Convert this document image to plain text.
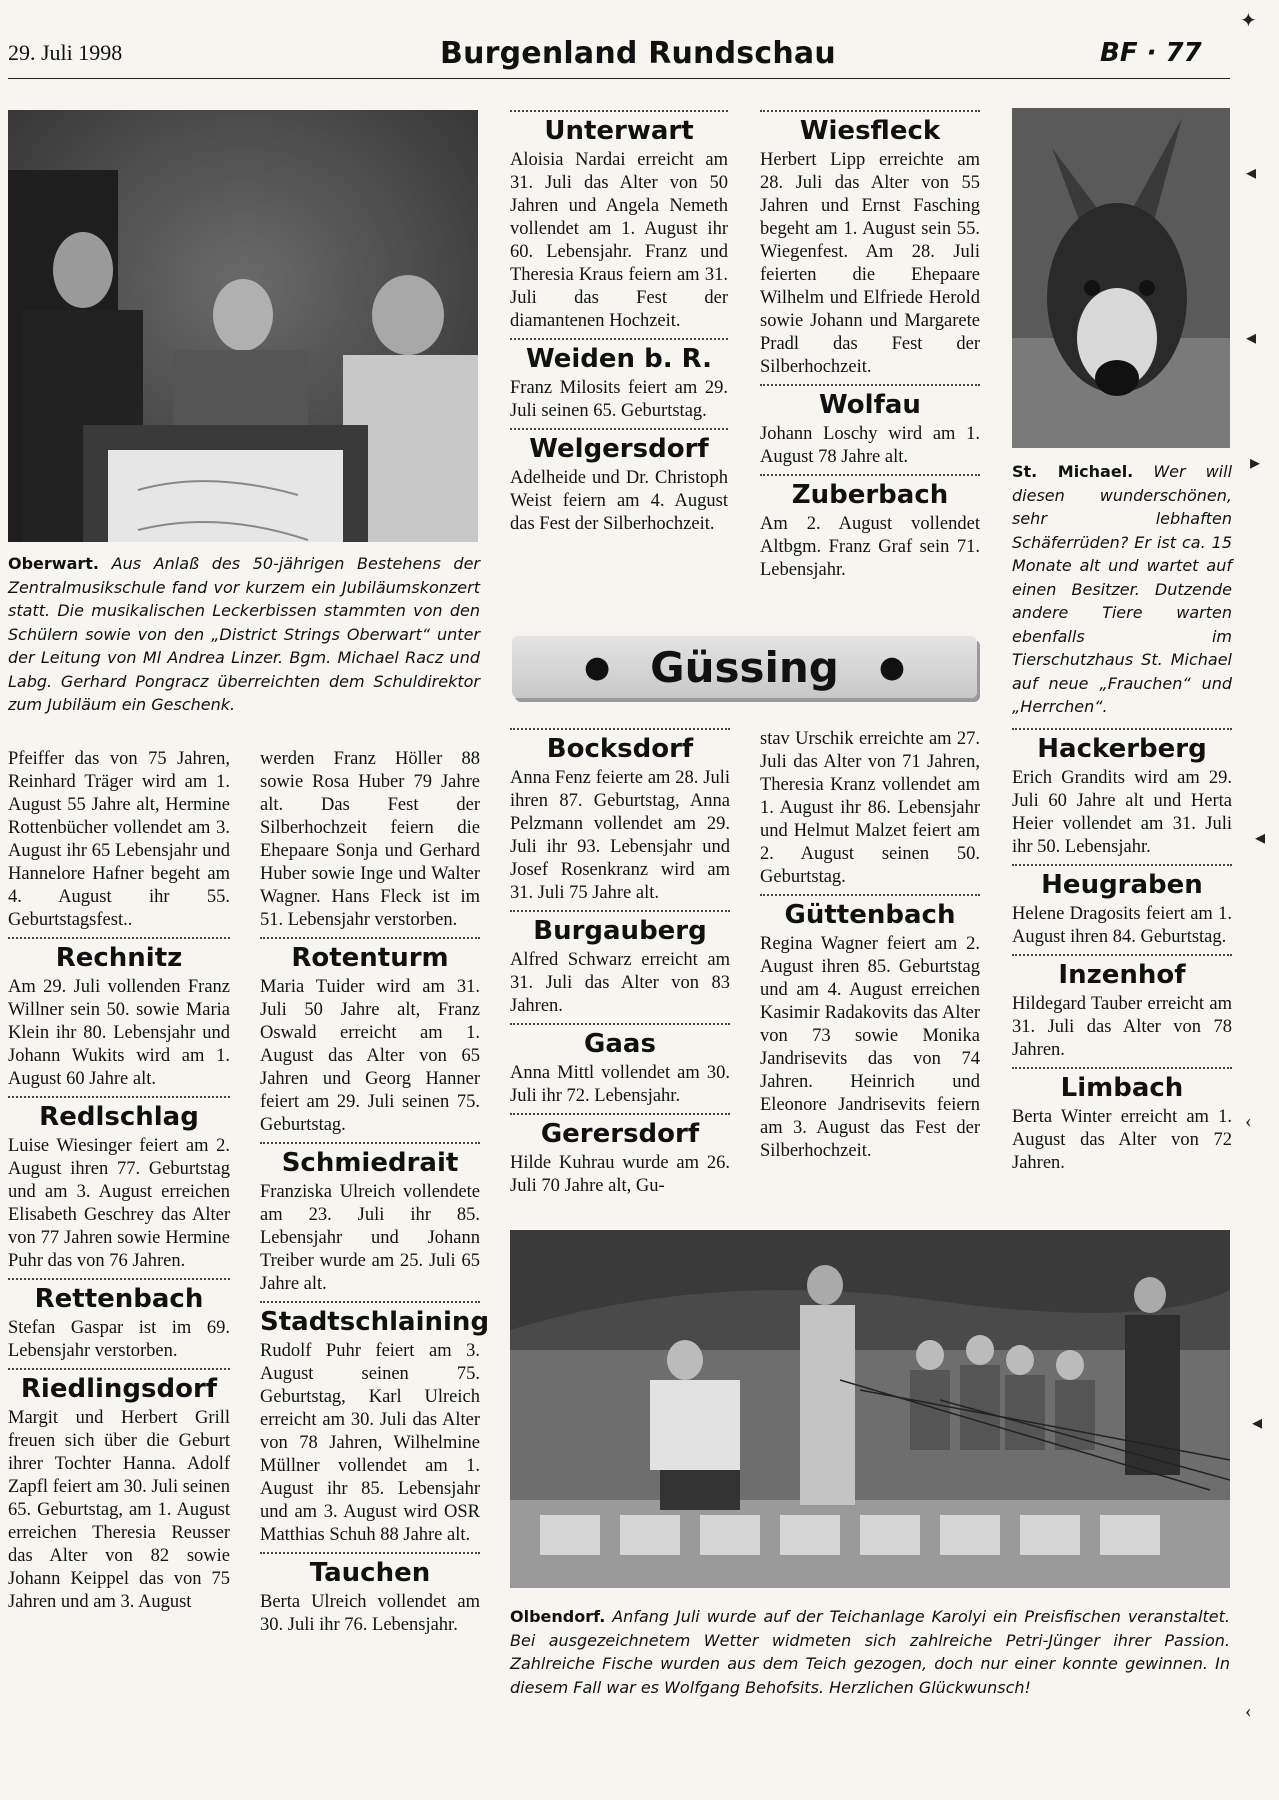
29. Juli 1998	Burgenland Rundschau	BF · 77
Oberwart. Aus Anlaß des 50-jährigen Bestehens der Zentralmusikschule fand vor kurzem ein Jubiläumskonzert statt. Die musikalischen Leckerbissen stammten von den Schülern sowie von den „District Strings Oberwart“ unter der Leitung von Ml Andrea Linzer. Bgm. Michael Racz und Labg. Gerhard Pongracz überreichten dem Schuldirektor zum Jubiläum ein Geschenk.
St. Michael. Wer will diesen wunderschönen, sehr lebhaften Schäferrüden? Er ist ca. 15 Monate alt und wartet auf einen Besitzer. Dutzende andere Tiere warten ebenfalls im Tierschutzhaus St. Michael auf neue „Frauchen“ und „Herrchen“.
Unterwart

Aloisia Nardai erreicht am 31. Juli das Alter von 50 Jahren und Angela Nemeth vollendet am 1. August ihr 60. Lebensjahr. Franz und Theresia Kraus feiern am 31. Juli das Fest der diamantenen Hochzeit.

Weiden b. R.

Franz Milosits feiert am 29. Juli seinen 65. Geburtstag.

Welgersdorf

Adelheide und Dr. Christoph Weist feiern am 4. August das Fest der Silberhochzeit.

Wiesfleck

Herbert Lipp erreichte am 28. Juli das Alter von 55 Jahren und Ernst Fasching begeht am 1. August sein 55. Wiegenfest. Am 28. Juli feierten die Ehepaare Wilhelm und Elfriede Herold sowie Johann und Margarete Pradl das Fest der Silberhochzeit.

Wolfau

Johann Loschy wird am 1. August 78 Jahre alt.

Zuberbach

Am 2. August vollendet Altbgm. Franz Graf sein 71. Lebensjahr.

● Güssing ●

Pfeiffer das von 75 Jahren, Reinhard Träger wird am 1. August 55 Jahre alt, Hermine Rottenbücher vollendet am 3. August ihr 65 Lebensjahr und Hannelore Hafner begeht am 4. August ihr 55. Geburtstagsfest..

Rechnitz

Am 29. Juli vollenden Franz Willner sein 50. sowie Maria Klein ihr 80. Lebensjahr und Johann Wukits wird am 1. August 60 Jahre alt.

Redlschlag

Luise Wiesinger feiert am 2. August ihren 77. Geburtstag und am 3. August erreichen Elisabeth Geschrey das Alter von 77 Jahren sowie Hermine Puhr das von 76 Jahren.

Rettenbach

Stefan Gaspar ist im 69. Lebensjahr verstorben.

Riedlingsdorf

Margit und Herbert Grill freuen sich über die Geburt ihrer Tochter Hanna. Adolf Zapfl feiert am 30. Juli seinen 65. Geburtstag, am 1. August erreichen Theresia Reusser das Alter von 82 sowie Johann Keippel das von 75 Jahren und am 3. August

werden Franz Höller 88 sowie Rosa Huber 79 Jahre alt. Das Fest der Silberhochzeit feiern die Ehepaare Sonja und Gerhard Huber sowie Inge und Walter Wagner. Hans Fleck ist im 51. Lebensjahr verstorben.

Rotenturm

Maria Tuider wird am 31. Juli 50 Jahre alt, Franz Oswald erreicht am 1. August das Alter von 65 Jahren und Georg Hanner feiert am 29. Juli seinen 75. Geburtstag.

Schmiedrait

Franziska Ulreich vollendete am 23. Juli ihr 85. Lebensjahr und Johann Treiber wurde am 25. Juli 65 Jahre alt.

Stadtschlaining

Rudolf Puhr feiert am 3. August seinen 75. Geburtstag, Karl Ulreich erreicht am 30. Juli das Alter von 78 Jahren, Wilhelmine Müllner vollendet am 1. August ihr 85. Lebensjahr und am 3. August wird OSR Matthias Schuh 88 Jahre alt.

Tauchen

Berta Ulreich vollendet am 30. Juli ihr 76. Lebensjahr.

Bocksdorf

Anna Fenz feierte am 28. Juli ihren 87. Geburtstag, Anna Pelzmann vollendet am 29. Juli ihr 93. Lebensjahr und Josef Rosenkranz wird am 31. Juli 75 Jahre alt.

Burgauberg

Alfred Schwarz erreicht am 31. Juli das Alter von 83 Jahren.

Gaas

Anna Mittl vollendet am 30. Juli ihr 72. Lebensjahr.

Gerersdorf

Hilde Kuhrau wurde am 26. Juli 70 Jahre alt, Gu-

stav Urschik erreichte am 27. Juli das Alter von 71 Jahren, Theresia Kranz vollendet am 1. August ihr 86. Lebensjahr und Helmut Malzet feiert am 2. August seinen 50. Geburtstag.

Güttenbach

Regina Wagner feiert am 2. August ihren 85. Geburtstag und am 4. August erreichen Kasimir Radakovits das Alter von 73 sowie Monika Jandrisevits das von 74 Jahren. Heinrich und Eleonore Jandrisevits feiern am 3. August das Fest der Silberhochzeit.

Hackerberg

Erich Grandits wird am 29. Juli 60 Jahre alt und Herta Heier vollendet am 31. Juli ihr 50. Lebensjahr.

Heugraben

Helene Dragosits feiert am 1. August ihren 84. Geburtstag.

Inzenhof

Hildegard Tauber erreicht am 31. Juli das Alter von 78 Jahren.

Limbach

Berta Winter erreicht am 1. August das Alter von 72 Jahren.

Olbendorf. Anfang Juli wurde auf der Teichanlage Karolyi ein Preisfischen veranstaltet. Bei ausgezeichnetem Wetter widmeten sich zahlreiche Petri-Jünger ihrer Passion. Zahlreiche Fische wurden aus dem Teich gezogen, doch nur einer konnte gewinnen. In diesem Fall war es Wolfgang Behofsits. Herzlichen Glückwunsch!
✦
◂
◂
▸
◂
‹
◂
‹
